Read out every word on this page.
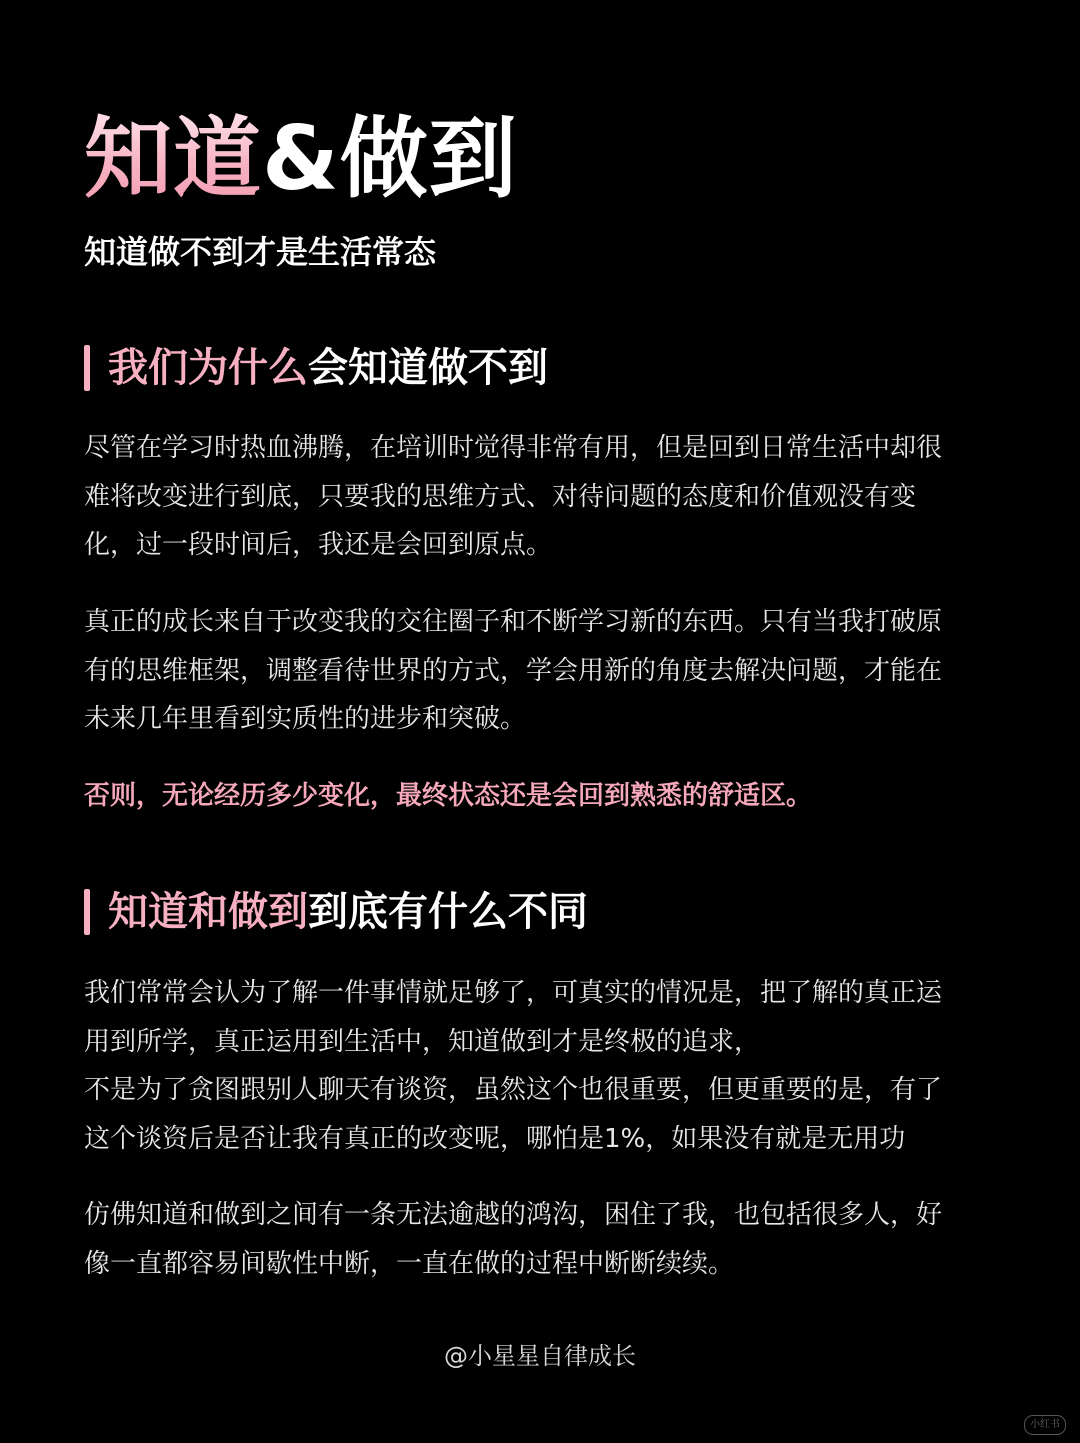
知道&做到
知道做不到才是生活常态
我们为什么会知道做不到
尽管在学习时热血沸腾，在培训时觉得非常有用，但是回到日常生活中却很
难将改变进行到底，只要我的思维方式、对待问题的态度和价值观没有变
化，过一段时间后，我还是会回到原点。
真正的成长来自于改变我的交往圈子和不断学习新的东西。只有当我打破原
有的思维框架，调整看待世界的方式，学会用新的角度去解决问题，才能在
未来几年里看到实质性的进步和突破。
否则，无论经历多少变化，最终状态还是会回到熟悉的舒适区。
知道和做到到底有什么不同
我们常常会认为了解一件事情就足够了，可真实的情况是，把了解的真正运
用到所学，真正运用到生活中，知道做到才是终极的追求，
不是为了贪图跟别人聊天有谈资，虽然这个也很重要，但更重要的是，有了
这个谈资后是否让我有真正的改变呢，哪怕是1%，如果没有就是无用功
仿佛知道和做到之间有一条无法逾越的鸿沟，困住了我，也包括很多人，好
像一直都容易间歇性中断，一直在做的过程中断断续续。
@小星星自律成长
小红书
